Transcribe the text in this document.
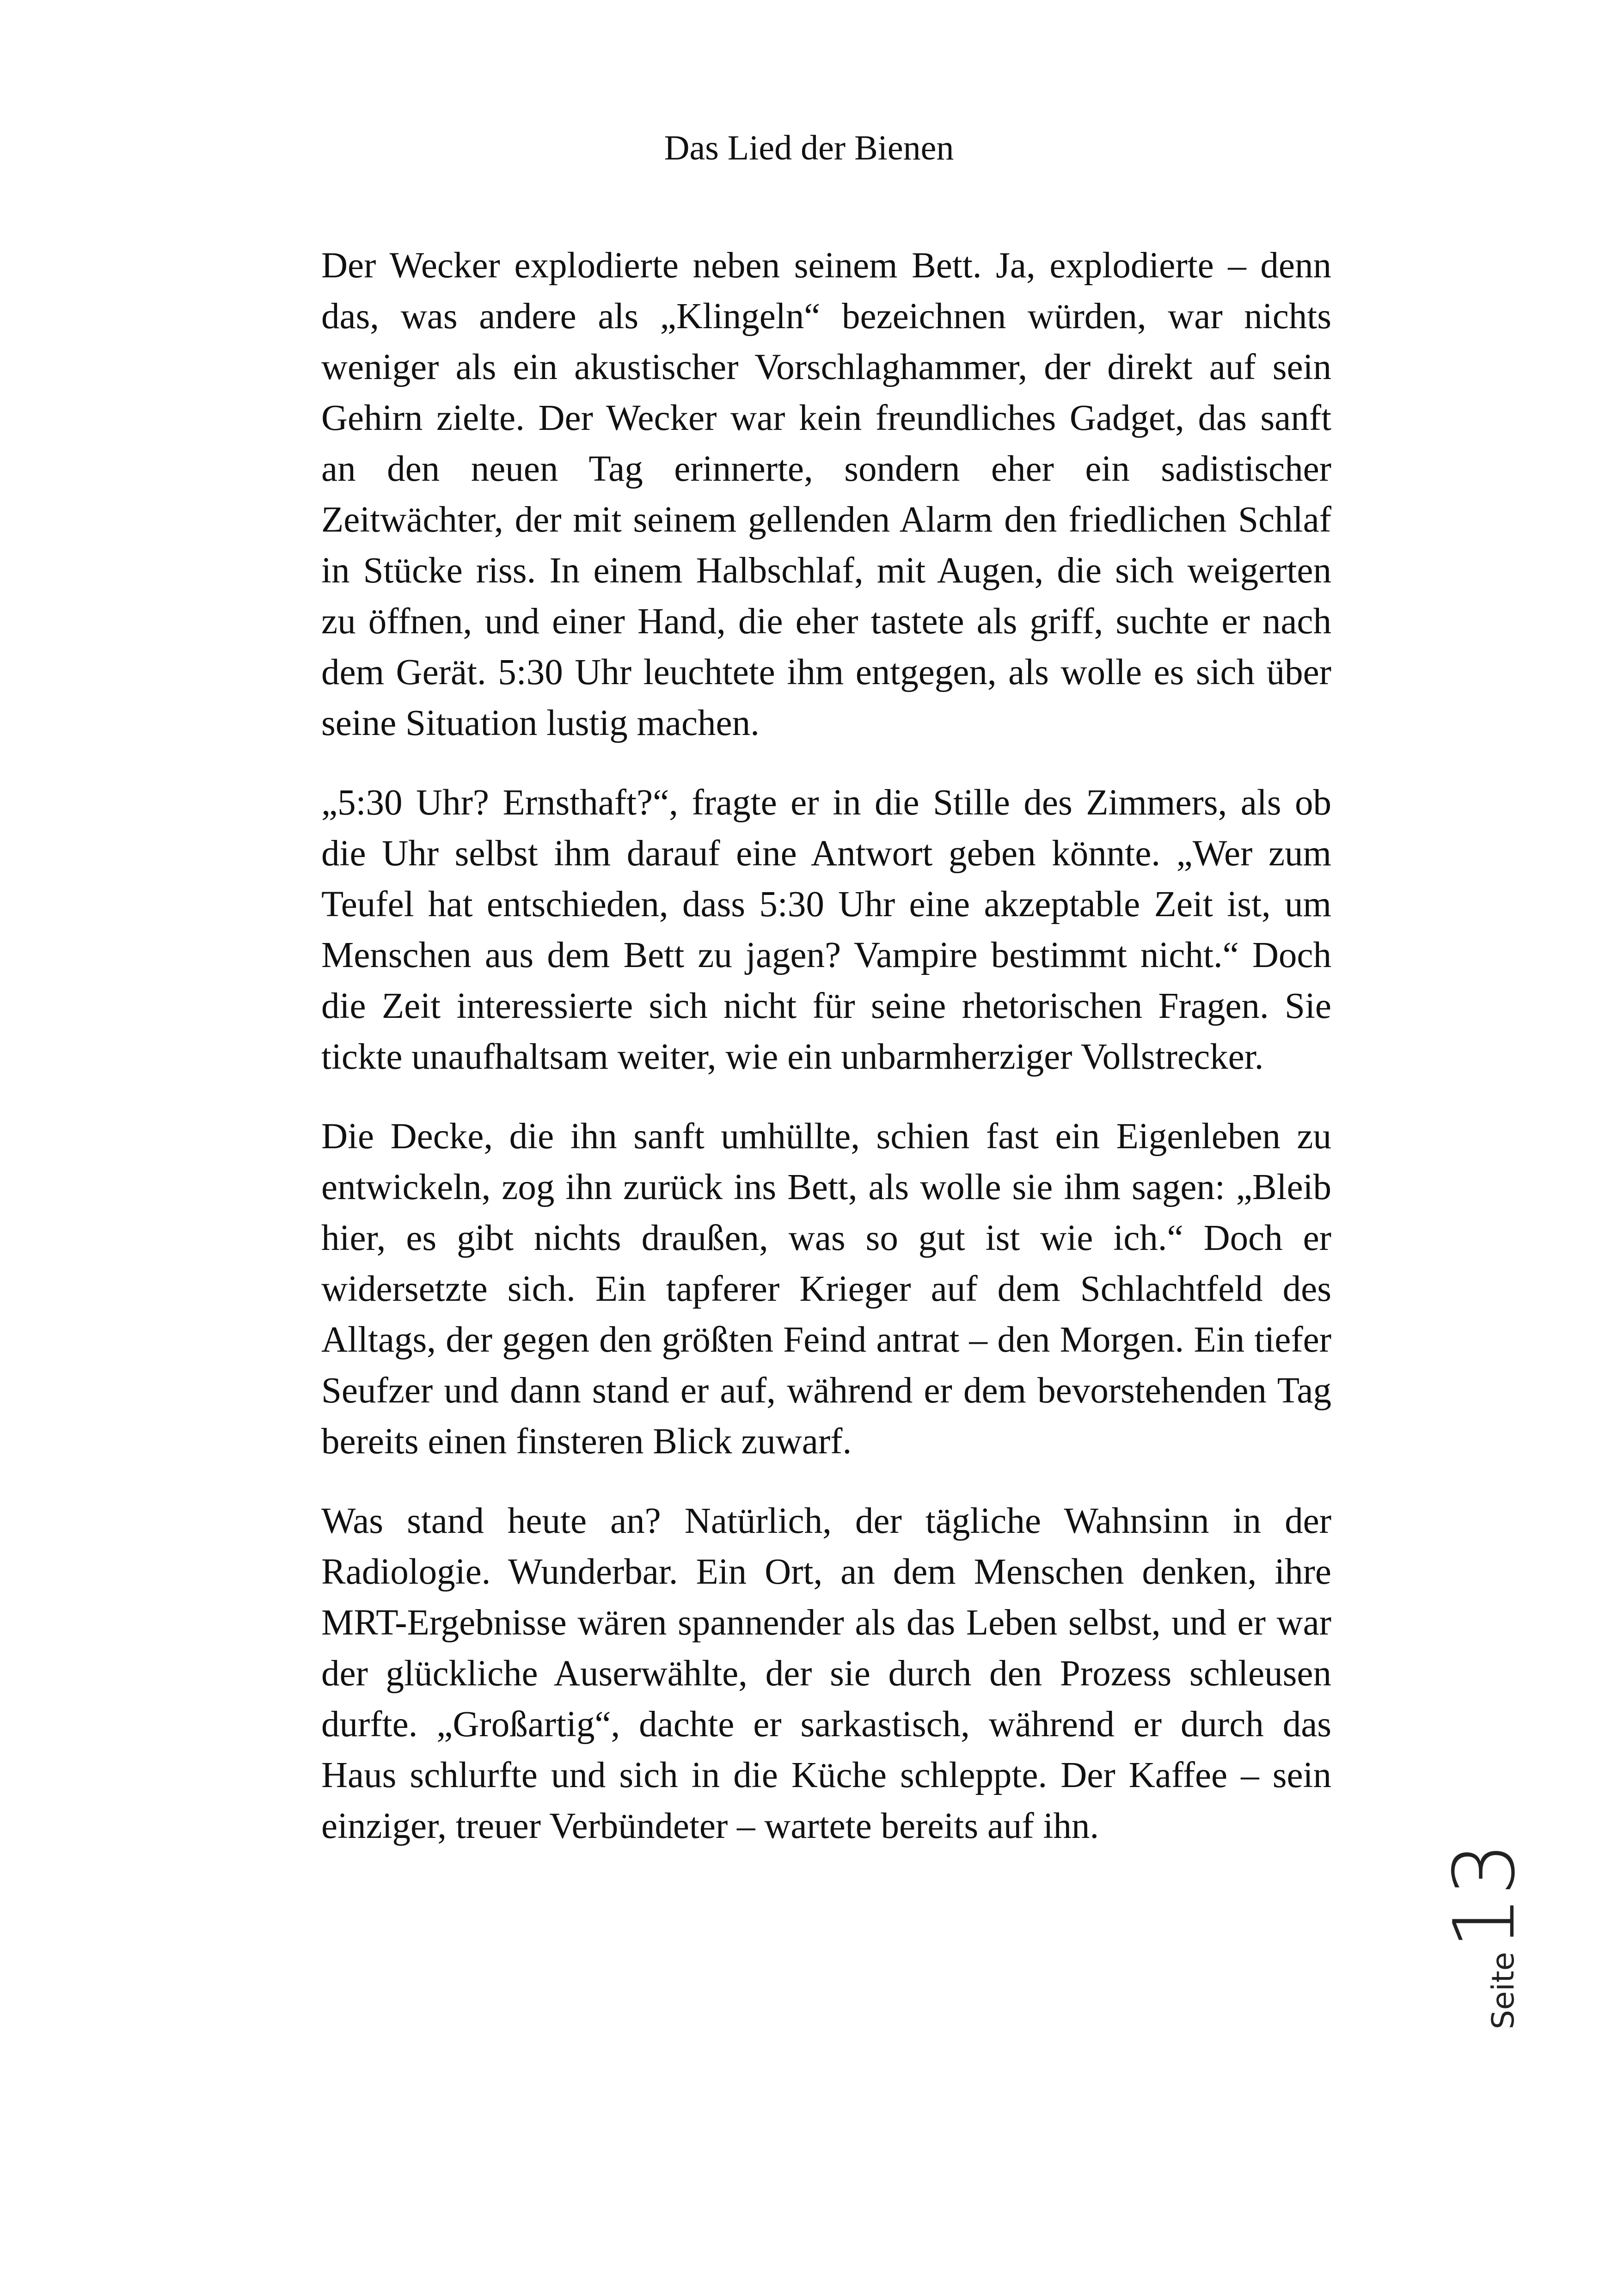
Das Lied der Bienen

Der Wecker explodierte neben seinem Bett. Ja, explodierte – denn das, was andere als „Klingeln“ bezeichnen würden, war nichts weniger als ein akustischer Vorschlaghammer, der direkt auf sein Gehirn zielte. Der Wecker war kein freundliches Gadget, das sanft an den neuen Tag erinnerte, sondern eher ein sadistischer Zeitwächter, der mit seinem gellenden Alarm den friedlichen Schlaf in Stücke riss. In einem Halbschlaf, mit Augen, die sich weigerten zu öffnen, und einer Hand, die eher tastete als griff, suchte er nach dem Gerät. 5:30 Uhr leuchtete ihm entgegen, als wolle es sich über seine Situation lustig machen.

„5:30 Uhr? Ernsthaft?“, fragte er in die Stille des Zimmers, als ob die Uhr selbst ihm darauf eine Antwort geben könnte. „Wer zum Teufel hat entschieden, dass 5:30 Uhr eine akzeptable Zeit ist, um Menschen aus dem Bett zu jagen? Vampire bestimmt nicht.“ Doch die Zeit interessierte sich nicht für seine rhetorischen Fragen. Sie tickte unaufhaltsam weiter, wie ein unbarmherziger Vollstrecker.

Die Decke, die ihn sanft umhüllte, schien fast ein Eigenleben zu entwickeln, zog ihn zurück ins Bett, als wolle sie ihm sagen: „Bleib hier, es gibt nichts draußen, was so gut ist wie ich.“ Doch er widersetzte sich. Ein tapferer Krieger auf dem Schlachtfeld des Alltags, der gegen den größten Feind antrat – den Morgen. Ein tiefer Seufzer und dann stand er auf, während er dem bevorstehenden Tag bereits einen finsteren Blick zuwarf.

Was stand heute an? Natürlich, der tägliche Wahnsinn in der Radiologie. Wunderbar. Ein Ort, an dem Menschen denken, ihre MRT-Ergebnisse wären spannender als das Leben selbst, und er war der glückliche Auserwählte, der sie durch den Prozess schleusen durfte. „Großartig“, dachte er sarkastisch, während er durch das Haus schlurfte und sich in die Küche schleppte. Der Kaffee – sein einziger, treuer Verbündeter – wartete bereits auf ihn.

Seite
13
